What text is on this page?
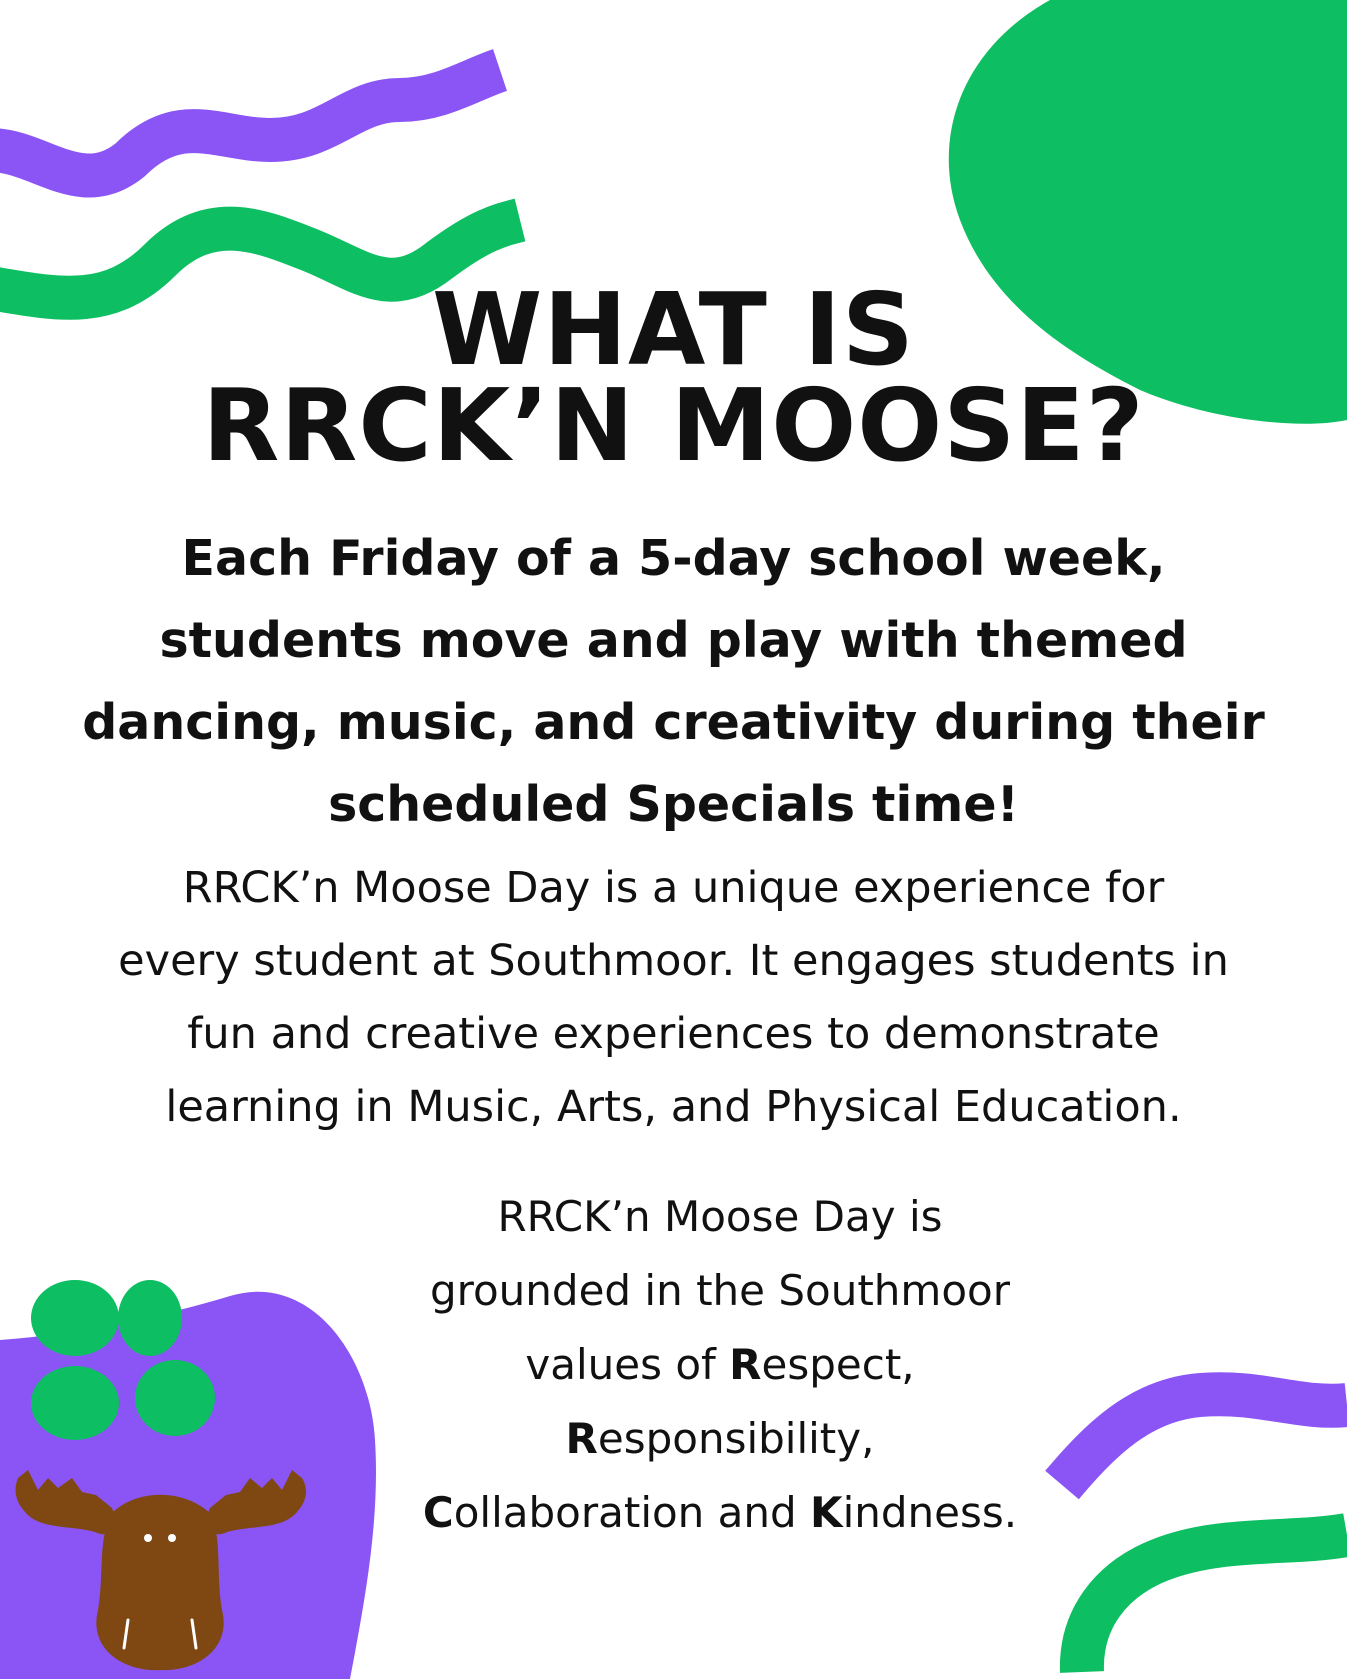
WHAT IS
RRCK’N MOOSE?

Each Friday of a 5-day school week,
students move and play with themed
dancing, music, and creativity during their
scheduled Specials time!

RRCK’n Moose Day is a unique experience for
every student at Southmoor. It engages students in
fun and creative experiences to demonstrate
learning in Music, Arts, and Physical Education.

RRCK’n Moose Day is
grounded in the Southmoor
values of Respect,
Responsibility,
Collaboration and Kindness.
